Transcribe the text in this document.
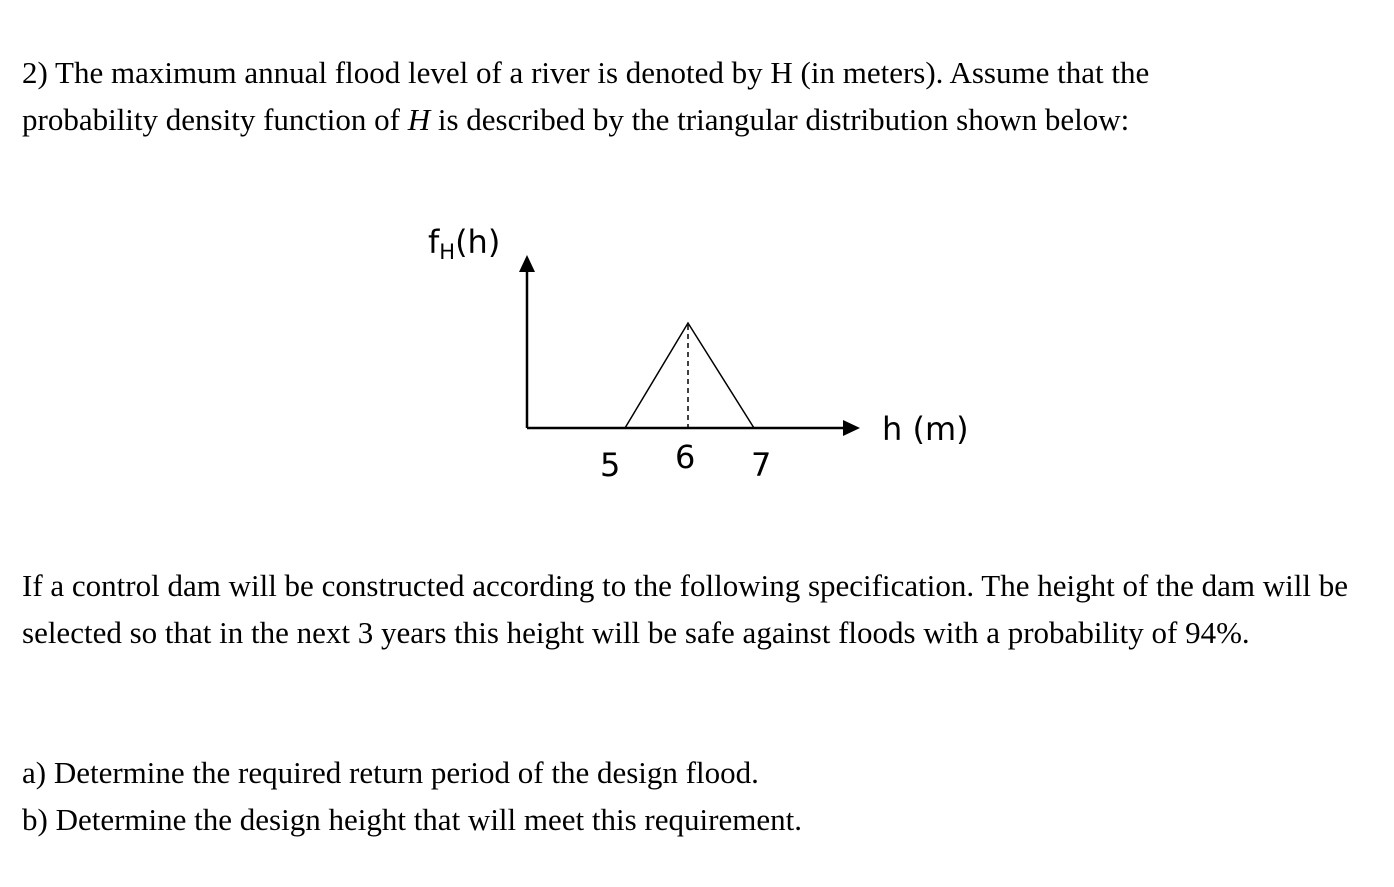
2) The maximum annual flood level of a river is denoted by H (in meters). Assume that the
probability density function of H is described by the triangular distribution shown below:

fH(h)
h (m)
5 6 7

If a control dam will be constructed according to the following specification. The height of the dam will be selected so that in the next 3 years this height will be safe against floods with a probability of 94%.

a) Determine the required return period of the design flood.

b) Determine the design height that will meet this requirement.
